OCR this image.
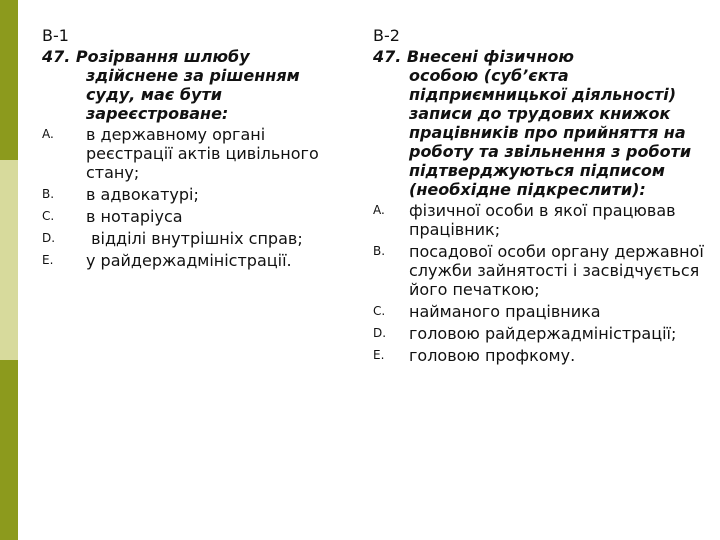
В-1
47. Розірвання шлюбу
здійснене за рішенням суду, має бути зареєстроване:
A.	в державному органі реєстрації актів цивільного стану;
B.	в адвокатурі;
C.	в нотаріуса
D.	відділі внутрішніх справ;
E.	у райдержадміністрації.
В-2
47. Внесені фізичною
особою (суб’єкта підприємницької діяльності) записи до трудових книжок працівників про прийняття на роботу та звільнення з роботи підтверджуються підписом (необхідне підкреслити):
A.	фізичної особи в якої працював працівник;
B.	посадової особи органу державної служби зайнятості і засвідчується його печаткою;
C.	найманого працівника
D.	головою райдержадміністрації;
E.	головою профкому.
